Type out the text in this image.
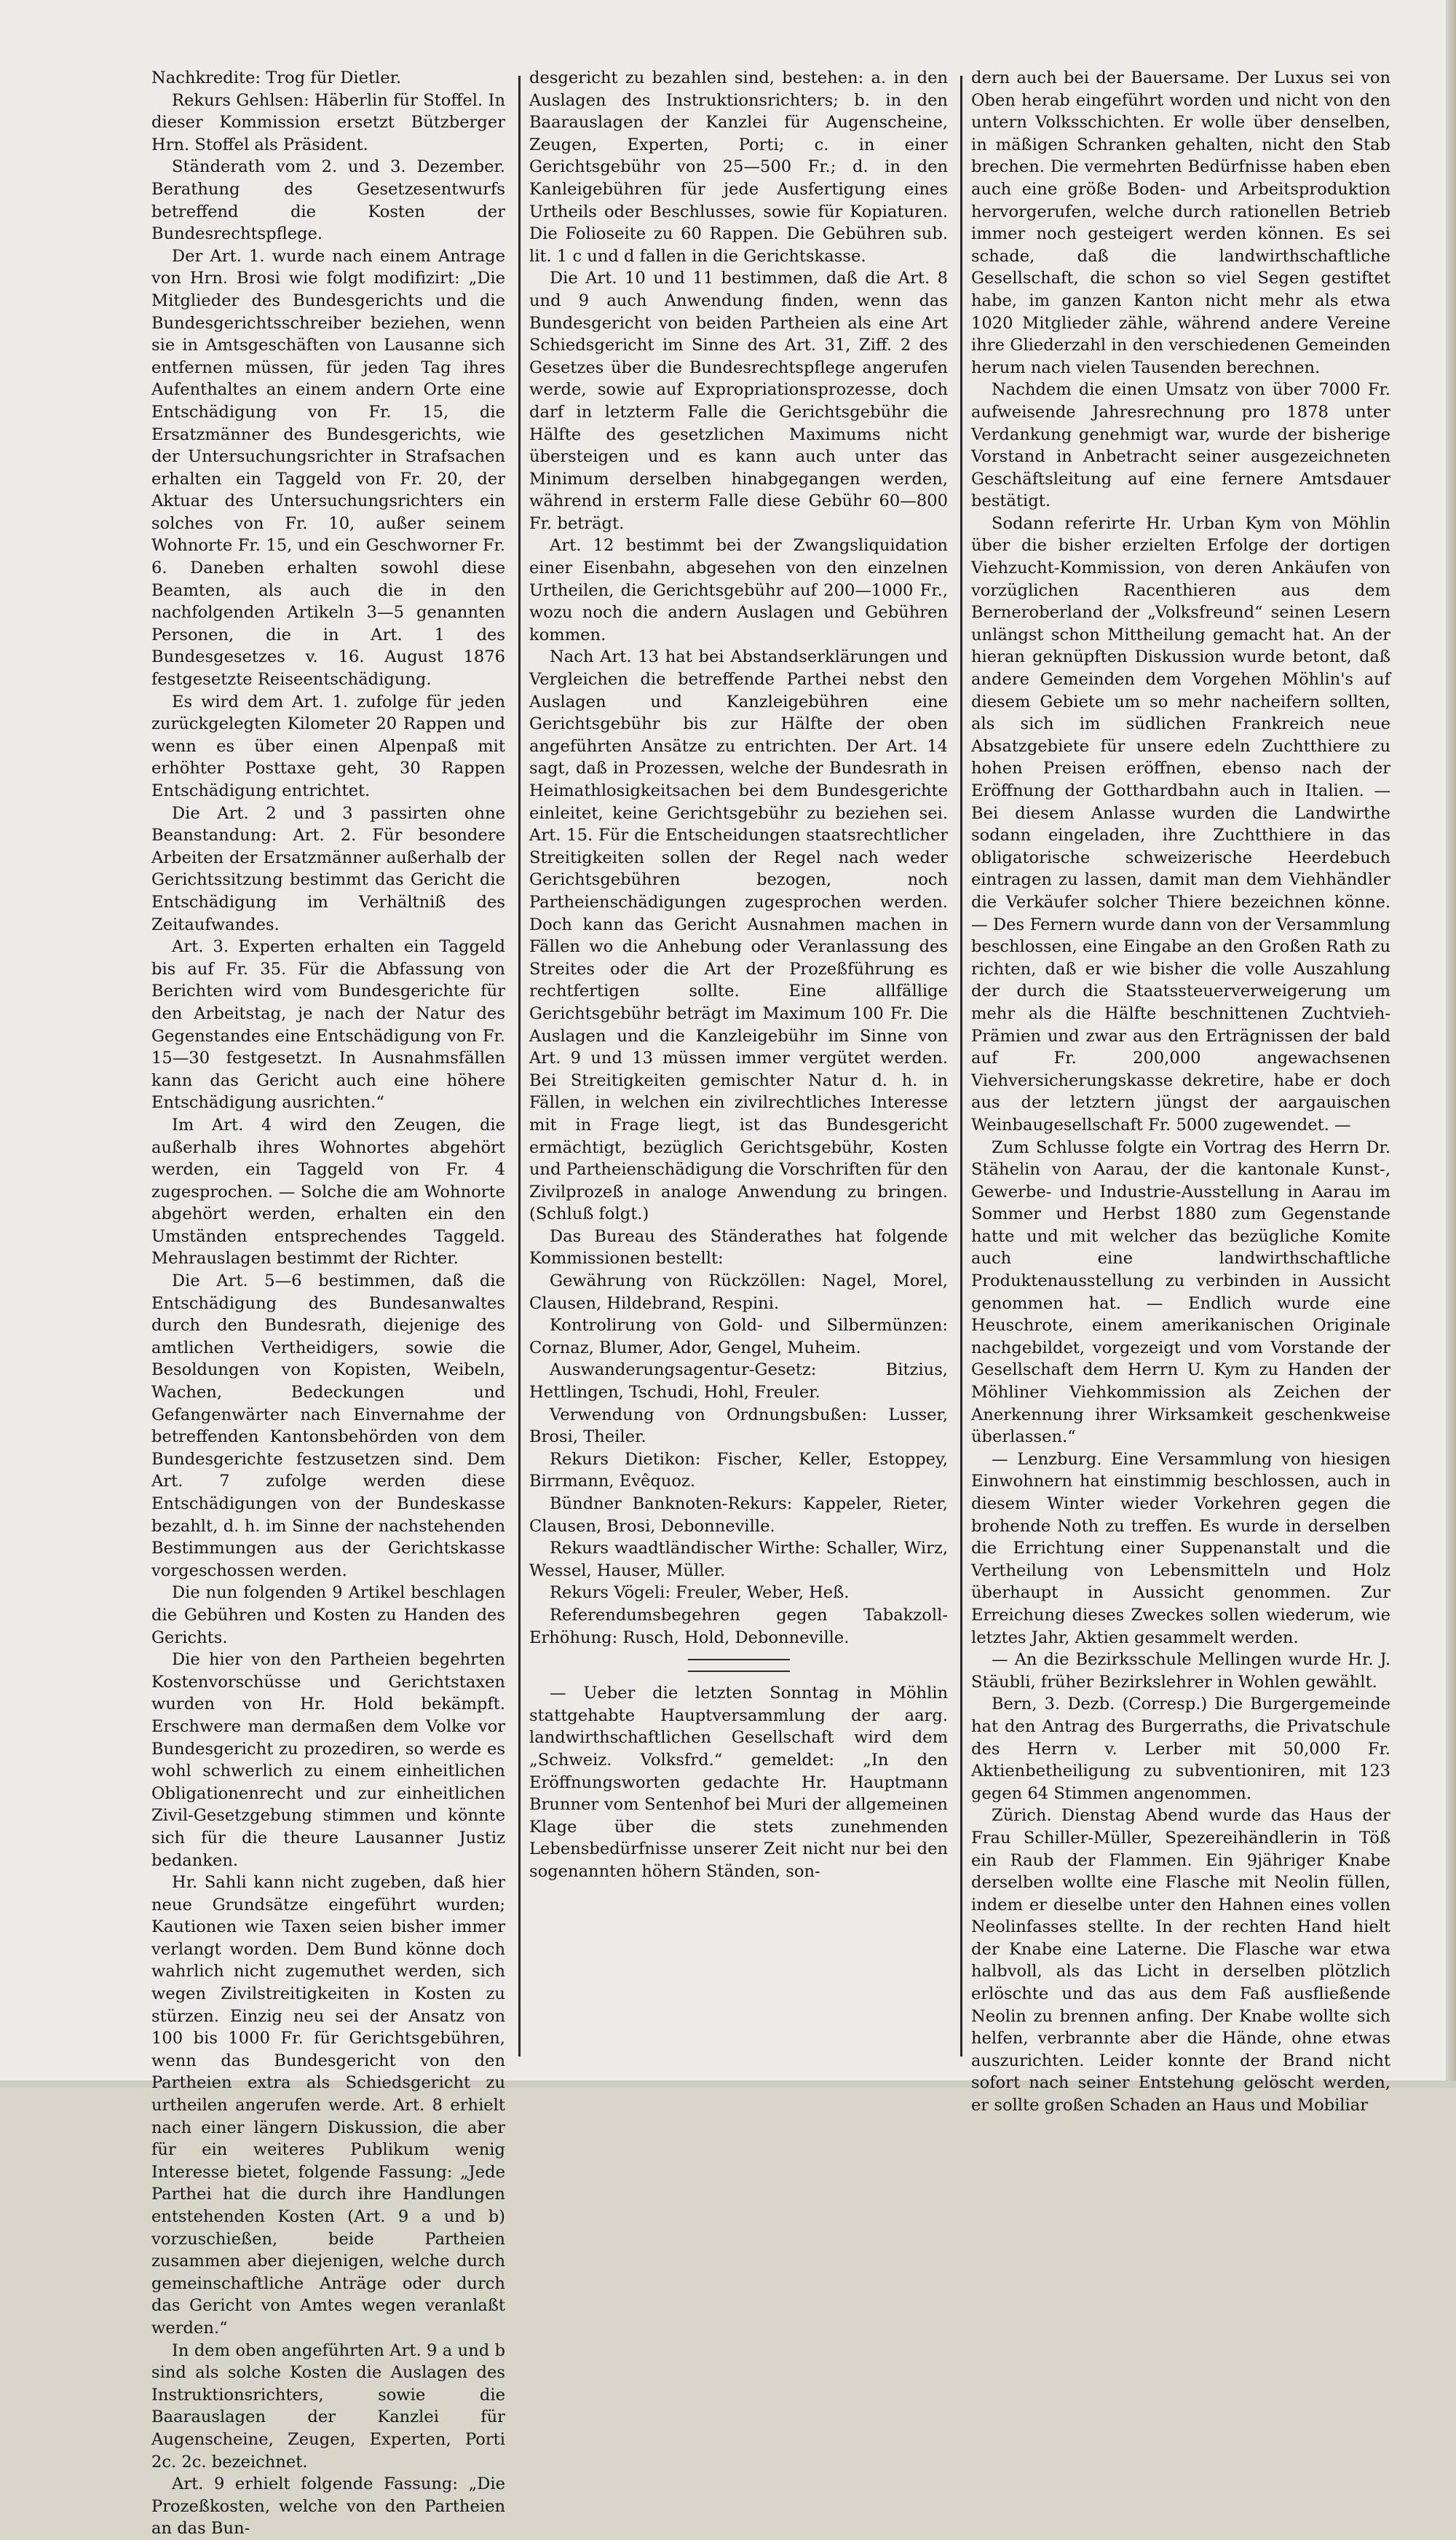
Nachkredite: Trog für Dietler.

Rekurs Gehlsen: Häberlin für Stoffel. In dieser Kommission ersetzt Bützberger Hrn. Stoffel als Präsident.

Ständerath vom 2. und 3. Dezember. Berathung des Gesetzesentwurfs betreffend die Kosten der Bundesrechtspflege.

Der Art. 1. wurde nach einem Antrage von Hrn. Brosi wie folgt modifizirt: „Die Mitglieder des Bundesgerichts und die Bundesgerichtsschreiber beziehen, wenn sie in Amtsgeschäften von Lausanne sich entfernen müssen, für jeden Tag ihres Aufenthaltes an einem andern Orte eine Entschädigung von Fr. 15, die Ersatzmänner des Bundesgerichts, wie der Untersuchungsrichter in Strafsachen erhalten ein Taggeld von Fr. 20, der Aktuar des Untersuchungsrichters ein solches von Fr. 10, außer seinem Wohnorte Fr. 15, und ein Geschworner Fr. 6. Daneben erhalten sowohl diese Beamten, als auch die in den nachfolgenden Artikeln 3—5 genannten Personen, die in Art. 1 des Bundesgesetzes v. 16. August 1876 festgesetzte Reiseentschädigung.

Es wird dem Art. 1. zufolge für jeden zurückgelegten Kilometer 20 Rappen und wenn es über einen Alpenpaß mit erhöhter Posttaxe geht, 30 Rappen Entschädigung entrichtet.

Die Art. 2 und 3 passirten ohne Beanstandung: Art. 2. Für besondere Arbeiten der Ersatzmänner außerhalb der Gerichtssitzung bestimmt das Gericht die Entschädigung im Verhältniß des Zeitaufwandes.

Art. 3. Experten erhalten ein Taggeld bis auf Fr. 35. Für die Abfassung von Berichten wird vom Bundesgerichte für den Arbeitstag, je nach der Natur des Gegenstandes eine Entschädigung von Fr. 15—30 festgesetzt. In Ausnahmsfällen kann das Gericht auch eine höhere Entschädigung ausrichten.“

Im Art. 4 wird den Zeugen, die außerhalb ihres Wohnortes abgehört werden, ein Taggeld von Fr. 4 zugesprochen. — Solche die am Wohnorte abgehört werden, erhalten ein den Umständen entsprechendes Taggeld. Mehrauslagen bestimmt der Richter.

Die Art. 5—6 bestimmen, daß die Entschädigung des Bundesanwaltes durch den Bundesrath, diejenige des amtlichen Vertheidigers, sowie die Besoldungen von Kopisten, Weibeln, Wachen, Bedeckungen und Gefangenwärter nach Einvernahme der betreffenden Kantonsbehörden von dem Bundesgerichte festzusetzen sind. Dem Art. 7 zufolge werden diese Entschädigungen von der Bundeskasse bezahlt, d. h. im Sinne der nachstehenden Bestimmungen aus der Gerichtskasse vorgeschossen werden.

Die nun folgenden 9 Artikel beschlagen die Gebühren und Kosten zu Handen des Gerichts.

Die hier von den Partheien begehrten Kostenvorschüsse und Gerichtstaxen wurden von Hr. Hold bekämpft. Erschwere man dermaßen dem Volke vor Bundesgericht zu prozediren, so werde es wohl schwerlich zu einem einheitlichen Obligationenrecht und zur einheitlichen Zivil-Gesetzgebung stimmen und könnte sich für die theure Lausanner Justiz bedanken.

Hr. Sahli kann nicht zugeben, daß hier neue Grundsätze eingeführt wurden; Kautionen wie Taxen seien bisher immer verlangt worden. Dem Bund könne doch wahrlich nicht zugemuthet werden, sich wegen Zivilstreitigkeiten in Kosten zu stürzen. Einzig neu sei der Ansatz von 100 bis 1000 Fr. für Gerichtsgebühren, wenn das Bundesgericht von den Partheien extra als Schiedsgericht zu urtheilen angerufen werde. Art. 8 erhielt nach einer längern Diskussion, die aber für ein weiteres Publikum wenig Interesse bietet, folgende Fassung: „Jede Parthei hat die durch ihre Handlungen entstehenden Kosten (Art. 9 a und b) vorzuschießen, beide Partheien zusammen aber diejenigen, welche durch gemeinschaftliche Anträge oder durch das Gericht von Amtes wegen veranlaßt werden.“

In dem oben angeführten Art. 9 a und b sind als solche Kosten die Auslagen des Instruktionsrichters, sowie die Baarauslagen der Kanzlei für Augenscheine, Zeugen, Experten, Porti 2c. 2c. bezeichnet.

Art. 9 erhielt folgende Fassung: „Die Prozeßkosten, welche von den Partheien an das Bun-

desgericht zu bezahlen sind, bestehen: a. in den Auslagen des Instruktionsrichters; b. in den Baarauslagen der Kanzlei für Augenscheine, Zeugen, Experten, Porti; c. in einer Gerichtsgebühr von 25—500 Fr.; d. in den Kanleigebühren für jede Ausfertigung eines Urtheils oder Beschlusses, sowie für Kopiaturen. Die Folioseite zu 60 Rappen. Die Gebühren sub. lit. 1 c und d fallen in die Gerichtskasse.

Die Art. 10 und 11 bestimmen, daß die Art. 8 und 9 auch Anwendung finden, wenn das Bundesgericht von beiden Partheien als eine Art Schiedsgericht im Sinne des Art. 31, Ziff. 2 des Gesetzes über die Bundesrechtspflege angerufen werde, sowie auf Expropriationsprozesse, doch darf in letzterm Falle die Gerichtsgebühr die Hälfte des gesetzlichen Maximums nicht übersteigen und es kann auch unter das Minimum derselben hinabgegangen werden, während in ersterm Falle diese Gebühr 60—800 Fr. beträgt.

Art. 12 bestimmt bei der Zwangsliquidation einer Eisenbahn, abgesehen von den einzelnen Urtheilen, die Gerichtsgebühr auf 200—1000 Fr., wozu noch die andern Auslagen und Gebühren kommen.

Nach Art. 13 hat bei Abstandserklärungen und Vergleichen die betreffende Parthei nebst den Auslagen und Kanzleigebühren eine Gerichtsgebühr bis zur Hälfte der oben angeführten Ansätze zu entrichten. Der Art. 14 sagt, daß in Prozessen, welche der Bundesrath in Heimathlosigkeitsachen bei dem Bundesgerichte einleitet, keine Gerichtsgebühr zu beziehen sei. Art. 15. Für die Entscheidungen staatsrechtlicher Streitigkeiten sollen der Regel nach weder Gerichtsgebühren bezogen, noch Partheienschädigungen zugesprochen werden. Doch kann das Gericht Ausnahmen machen in Fällen wo die Anhebung oder Veranlassung des Streites oder die Art der Prozeßführung es rechtfertigen sollte. Eine allfällige Gerichtsgebühr beträgt im Maximum 100 Fr. Die Auslagen und die Kanzleigebühr im Sinne von Art. 9 und 13 müssen immer vergütet werden. Bei Streitigkeiten gemischter Natur d. h. in Fällen, in welchen ein zivilrechtliches Interesse mit in Frage liegt, ist das Bundesgericht ermächtigt, bezüglich Gerichtsgebühr, Kosten und Partheienschädigung die Vorschriften für den Zivilprozeß in analoge Anwendung zu bringen. (Schluß folgt.)

Das Bureau des Ständerathes hat folgende Kommissionen bestellt:

Gewährung von Rückzöllen: Nagel, Morel, Clausen, Hildebrand, Respini.

Kontrolirung von Gold- und Silbermünzen: Cornaz, Blumer, Ador, Gengel, Muheim.

Auswanderungsagentur-Gesetz: Bitzius, Hettlingen, Tschudi, Hohl, Freuler.

Verwendung von Ordnungsbußen: Lusser, Brosi, Theiler.

Rekurs Dietikon: Fischer, Keller, Estoppey, Birrmann, Evêquoz.

Bündner Banknoten-Rekurs: Kappeler, Rieter, Clausen, Brosi, Debonneville.

Rekurs waadtländischer Wirthe: Schaller, Wirz, Wessel, Hauser, Müller.

Rekurs Vögeli: Freuler, Weber, Heß.

Referendumsbegehren gegen Tabakzoll-Erhöhung: Rusch, Hold, Debonneville.

— Ueber die letzten Sonntag in Möhlin stattgehabte Hauptversammlung der aarg. landwirthschaftlichen Gesellschaft wird dem „Schweiz. Volksfrd.“ gemeldet: „In den Eröffnungsworten gedachte Hr. Hauptmann Brunner vom Sentenhof bei Muri der allgemeinen Klage über die stets zunehmenden Lebensbedürfnisse unserer Zeit nicht nur bei den sogenannten höhern Ständen, son-

dern auch bei der Bauersame. Der Luxus sei von Oben herab eingeführt worden und nicht von den untern Volksschichten. Er wolle über denselben, in mäßigen Schranken gehalten, nicht den Stab brechen. Die vermehrten Bedürfnisse haben eben auch eine größe Boden- und Arbeitsproduktion hervorgerufen, welche durch rationellen Betrieb immer noch gesteigert werden können. Es sei schade, daß die landwirthschaftliche Gesellschaft, die schon so viel Segen gestiftet habe, im ganzen Kanton nicht mehr als etwa 1020 Mitglieder zähle, während andere Vereine ihre Gliederzahl in den verschiedenen Gemeinden herum nach vielen Tausenden berechnen.

Nachdem die einen Umsatz von über 7000 Fr. aufweisende Jahresrechnung pro 1878 unter Verdankung genehmigt war, wurde der bisherige Vorstand in Anbetracht seiner ausgezeichneten Geschäftsleitung auf eine fernere Amtsdauer bestätigt.

Sodann referirte Hr. Urban Kym von Möhlin über die bisher erzielten Erfolge der dortigen Viehzucht-Kommission, von deren Ankäufen von vorzüglichen Racenthieren aus dem Berneroberland der „Volksfreund“ seinen Lesern unlängst schon Mittheilung gemacht hat. An der hieran geknüpften Diskussion wurde betont, daß andere Gemeinden dem Vorgehen Möhlin's auf diesem Gebiete um so mehr nacheifern sollten, als sich im südlichen Frankreich neue Absatzgebiete für unsere edeln Zuchtthiere zu hohen Preisen eröffnen, ebenso nach der Eröffnung der Gotthardbahn auch in Italien. — Bei diesem Anlasse wurden die Landwirthe sodann eingeladen, ihre Zuchtthiere in das obligatorische schweizerische Heerdebuch eintragen zu lassen, damit man dem Viehhändler die Verkäufer solcher Thiere bezeichnen könne. — Des Fernern wurde dann von der Versammlung beschlossen, eine Eingabe an den Großen Rath zu richten, daß er wie bisher die volle Auszahlung der durch die Staatssteuerverweigerung um mehr als die Hälfte beschnittenen Zuchtvieh-Prämien und zwar aus den Erträgnissen der bald auf Fr. 200,000 angewachsenen Viehversicherungskasse dekretire, habe er doch aus der letztern jüngst der aargauischen Weinbaugesellschaft Fr. 5000 zugewendet. —

Zum Schlusse folgte ein Vortrag des Herrn Dr. Stähelin von Aarau, der die kantonale Kunst-, Gewerbe- und Industrie-Ausstellung in Aarau im Sommer und Herbst 1880 zum Gegenstande hatte und mit welcher das bezügliche Komite auch eine landwirthschaftliche Produktenausstellung zu verbinden in Aussicht genommen hat. — Endlich wurde eine Heuschrote, einem amerikanischen Originale nachgebildet, vorgezeigt und vom Vorstande der Gesellschaft dem Herrn U. Kym zu Handen der Möhliner Viehkommission als Zeichen der Anerkennung ihrer Wirksamkeit geschenkweise überlassen.“

— Lenzburg. Eine Versammlung von hiesigen Einwohnern hat einstimmig beschlossen, auch in diesem Winter wieder Vorkehren gegen die brohende Noth zu treffen. Es wurde in derselben die Errichtung einer Suppenanstalt und die Vertheilung von Lebensmitteln und Holz überhaupt in Aussicht genommen. Zur Erreichung dieses Zweckes sollen wiederum, wie letztes Jahr, Aktien gesammelt werden.

— An die Bezirksschule Mellingen wurde Hr. J. Stäubli, früher Bezirkslehrer in Wohlen gewählt.

Bern, 3. Dezb. (Corresp.) Die Burgergemeinde hat den Antrag des Burgerraths, die Privatschule des Herrn v. Lerber mit 50,000 Fr. Aktienbetheiligung zu subventioniren, mit 123 gegen 64 Stimmen angenommen.

Zürich. Dienstag Abend wurde das Haus der Frau Schiller-Müller, Spezereihändlerin in Töß ein Raub der Flammen. Ein 9jähriger Knabe derselben wollte eine Flasche mit Neolin füllen, indem er dieselbe unter den Hahnen eines vollen Neolinfasses stellte. In der rechten Hand hielt der Knabe eine Laterne. Die Flasche war etwa halbvoll, als das Licht in derselben plötzlich erlöschte und das aus dem Faß ausfließende Neolin zu brennen anfing. Der Knabe wollte sich helfen, verbrannte aber die Hände, ohne etwas auszurichten. Leider konnte der Brand nicht sofort nach seiner Entstehung gelöscht werden, er sollte großen Schaden an Haus und Mobiliar
